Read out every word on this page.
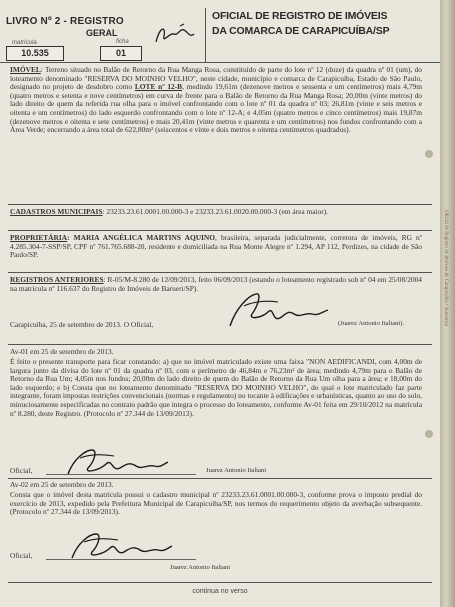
LIVRO Nº 2 - REGISTRO
GERAL
matrícula	ficha
10.535	01
OFICIAL DE REGISTRO DE IMÓVEIS
DA COMARCA DE CARAPICUÍBA/SP
IMÓVEL: Terreno situado no Balão de Retorno da Rua Manga Rosa, constituído de parte do lote nº 12 (doze) da quadra nº 01 (um), do loteamento denominado "RESERVA DO MOINHO VELHO", neste cidade, município e comarca de Carapicuíba, Estado de São Paulo, designado no projeto de desdobro como LOTE nº 12-B, medindo 19,61m (dezenove metros e sessenta e um centímetros) mais 4,79m (quatro metros e setenta e nove centímetros) em curva de frente para o Balão de Retorno da Rua Manga Rosa; 20,00m (vinte metros) do lado direito de quem da referida rua olha para o imóvel confrontando com o lote nº 01 da quadra nº 03; 26,81m (vinte e seis metros e oitenta e um centímetros) do lado esquerdo confrontando com o lote nº 12-A; e 4,05m (quatro metros e cinco centímetros) mais 19,87m (dezenove metros e oitenta e sete centímetros) e mais 20,41m (vinte metros e quarenta e um centímetros) nos fundos confrontando com a Área Verde; encerrando a área total de 622,80m² (seiscentos e vinte e dois metros e oitenta centímetros quadrados).
CADASTROS MUNICIPAIS: 23233.23.61.0001.00.000-3 e 23233.23.61.0020.00.000-3 (em área maior).
PROPRIETÁRIA: MARIA ANGÉLICA MARTINS AQUINO, brasileira, separada judicialmente, corretora de imóveis, RG nº 4.285.304-7-SSP/SP, CPF nº 761.765.688-20, residente e domiciliada na Rua Monte Alegre nº 1.294, AP 112, Perdizes, na cidade de São Paulo/SP.
REGISTROS ANTERIORES: R-05/M-8.280 de 12/09/2013, feito 06/09/2013 (estando o loteamento registrado sob nº 04 em 25/08/2004 na matrícula nº 116.637 do Registro de Imóveis de Barueri/SP).
Carapicuíba, 25 de setembro de 2013. O Oficial,	(Juarez Antonio Italiani).
Av-01 em 25 de setembro de 2013.
É feito o presente transporte para ficar constando: a) que no imóvel matriculado existe uma faixa "NON AEDIFICANDI, com 4,00m de largura junto da divisa do lote nº 01 da quadra nº 03, com o perímetro de 46,84m e 76,23m² de área; medindo 4,79m para o Balão de Retorno da Rua Um; 4,05m nos fundos; 20,00m do lado direito de quem do Balão de Retorno da Rua Um olha para a área; e 18,00m do lado esquerdo; e b) Consta que no loteamento denominado "RESERVA DO MOINHO VELHO", do qual o lote matriculado faz parte integrante, foram impostas restrições convencionais (normas e regulamento) no tocante à edificações e urbanísticas, quanto ao uso do solo, minuciosamente especificadas no contrato padrão que integra o processo do loteamento, conforme Av-01 feita em 29/10/2012 na matrícula nº 8.280, deste Registro. (Protocolo nº 27.344 de 13/09/2013).
Oficial,	Juarez Antonio Italiani
Av-02 em 25 de setembro de 2013.
Consta que o imóvel desta matrícula possui o cadastro municipal nº 23233.23.61.0001.00.000-3, conforme prova o imposto predial do exercício de 2013, expedido pela Prefeitura Municipal de Carapicuíba/SP, nos termos do requerimento objeto da averbação subsequente. (Protocolo nº 27.344 de 13/09/2013).
Oficial,
Juarez Antonio Italiani
continua no verso
Oficial de Registro de Imóveis de Carapicuíba • Autentica
